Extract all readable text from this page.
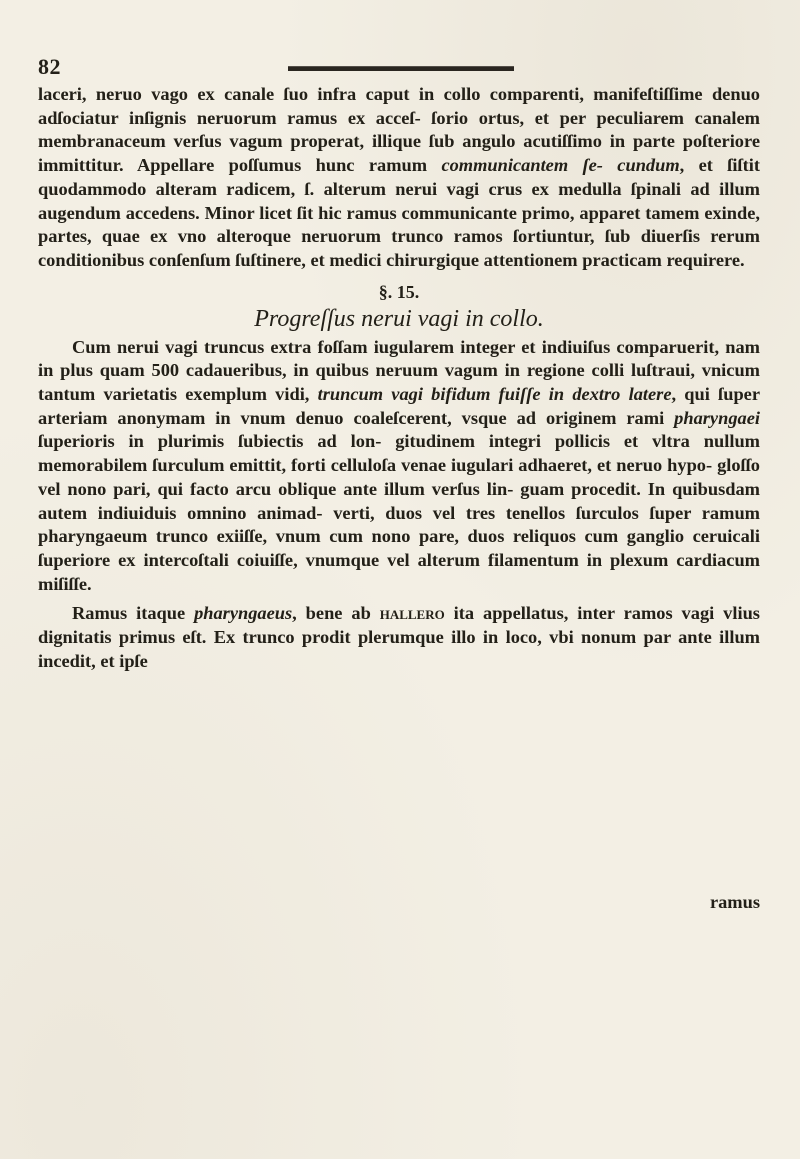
82

laceri, neruo vago ex canale ſuo infra caput in collo comparenti, manifeſtiſſime denuo adſociatur inſignis neruorum ramus ex acceſ- ſorio ortus, et per peculiarem canalem membranaceum verſus vagum properat, illique ſub angulo acutiſſimo in parte poſteriore immittitur. Appellare poſſumus hunc ramum communicantem ſe- cundum, et ſiſtit quodammodo alteram radicem, ſ. alterum nerui vagi crus ex medulla ſpinali ad illum augendum accedens. Minor licet ſit hic ramus communicante primo, apparet tamem exinde, partes, quae ex vno alteroque neruorum trunco ramos ſortiuntur, ſub diuerſis rerum conditionibus conſenſum ſuſtinere, et medici chirurgique attentionem practicam requirere.

§. 15.
Progreſſus nerui vagi in collo.

Cum nerui vagi truncus extra foſſam iugularem integer et indiuiſus comparuerit, nam in plus quam 500 cadaueribus, in quibus neruum vagum in regione colli luſtraui, vnicum tantum varietatis exemplum vidi, truncum vagi bifidum fuiſſe in dextro latere, qui ſuper arteriam anonymam in vnum denuo coaleſcerent, vsque ad originem rami pharyngaei ſuperioris in plurimis ſubiectis ad lon- gitudinem integri pollicis et vltra nullum memorabilem ſurculum emittit, forti celluloſa venae iugulari adhaeret, et neruo hypo- gloſſo vel nono pari, qui facto arcu oblique ante illum verſus lin- guam procedit. In quibusdam autem indiuiduis omnino animad- verti, duos vel tres tenellos ſurculos ſuper ramum pharyngaeum trunco exiiſſe, vnum cum nono pare, duos reliquos cum ganglio ceruicali ſuperiore ex intercoſtali coiuiſſe, vnumque vel alterum filamentum in plexum cardiacum miſiſſe.

Ramus itaque pharyngaeus, bene ab hallero ita appellatus, inter ramos vagi vlius dignitatis primus eſt. Ex trunco prodit plerumque illo in loco, vbi nonum par ante illum incedit, et ipſe

ramus
